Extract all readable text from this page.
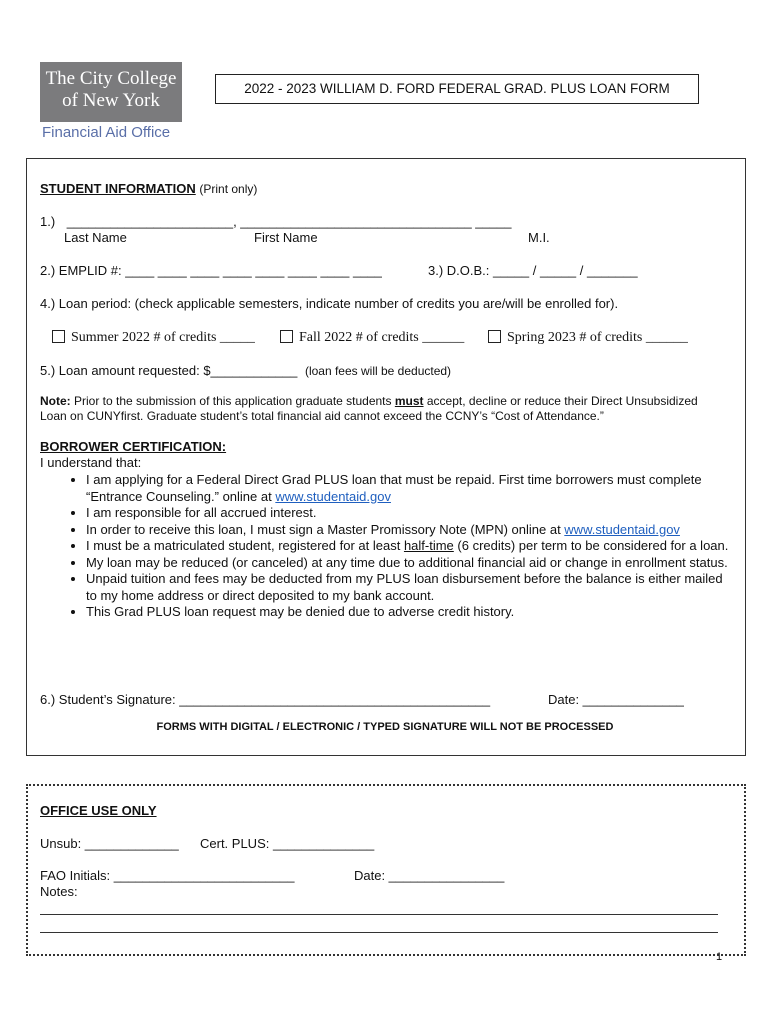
The City College
of New York
Financial Aid Office
2022 - 2023 WILLIAM D. FORD FEDERAL GRAD. PLUS LOAN FORM
STUDENT INFORMATION (Print only)
1.) _______________________, ________________________________ _____
Last Name	First Name	M.I.
2.) EMPLID #: ____ ____ ____ ____ ____ ____ ____ ____	3.) D.O.B.: _____ / _____ / _______
4.) Loan period: (check applicable semesters, indicate number of credits you are/will be enrolled for).
Summer 2022 # of credits _____	Fall 2022 # of credits ______	Spring 2023 # of credits ______
5.) Loan amount requested: $____________ (loan fees will be deducted)
Note: Prior to the submission of this application graduate students must accept, decline or reduce their Direct Unsubsidized
Loan on CUNYfirst. Graduate student’s total financial aid cannot exceed the CCNY’s “Cost of Attendance.”
BORROWER CERTIFICATION:
I understand that:
• I am applying for a Federal Direct Grad PLUS loan that must be repaid. First time borrowers must complete “Entrance Counseling.” online at www.studentaid.gov
• I am responsible for all accrued interest.
• In order to receive this loan, I must sign a Master Promissory Note (MPN) online at www.studentaid.gov
• I must be a matriculated student, registered for at least half-time (6 credits) per term to be considered for a loan.
• My loan may be reduced (or canceled) at any time due to additional financial aid or change in enrollment status.
• Unpaid tuition and fees may be deducted from my PLUS loan disbursement before the balance is either mailed to my home address or direct deposited to my bank account.
• This Grad PLUS loan request may be denied due to adverse credit history.
6.) Student’s Signature: ___________________________________________	Date: ______________
FORMS WITH DIGITAL / ELECTRONIC / TYPED SIGNATURE WILL NOT BE PROCESSED
OFFICE USE ONLY
Unsub: _____________ Cert. PLUS: ______________
FAO Initials: _________________________	Date: ________________
Notes:
1
